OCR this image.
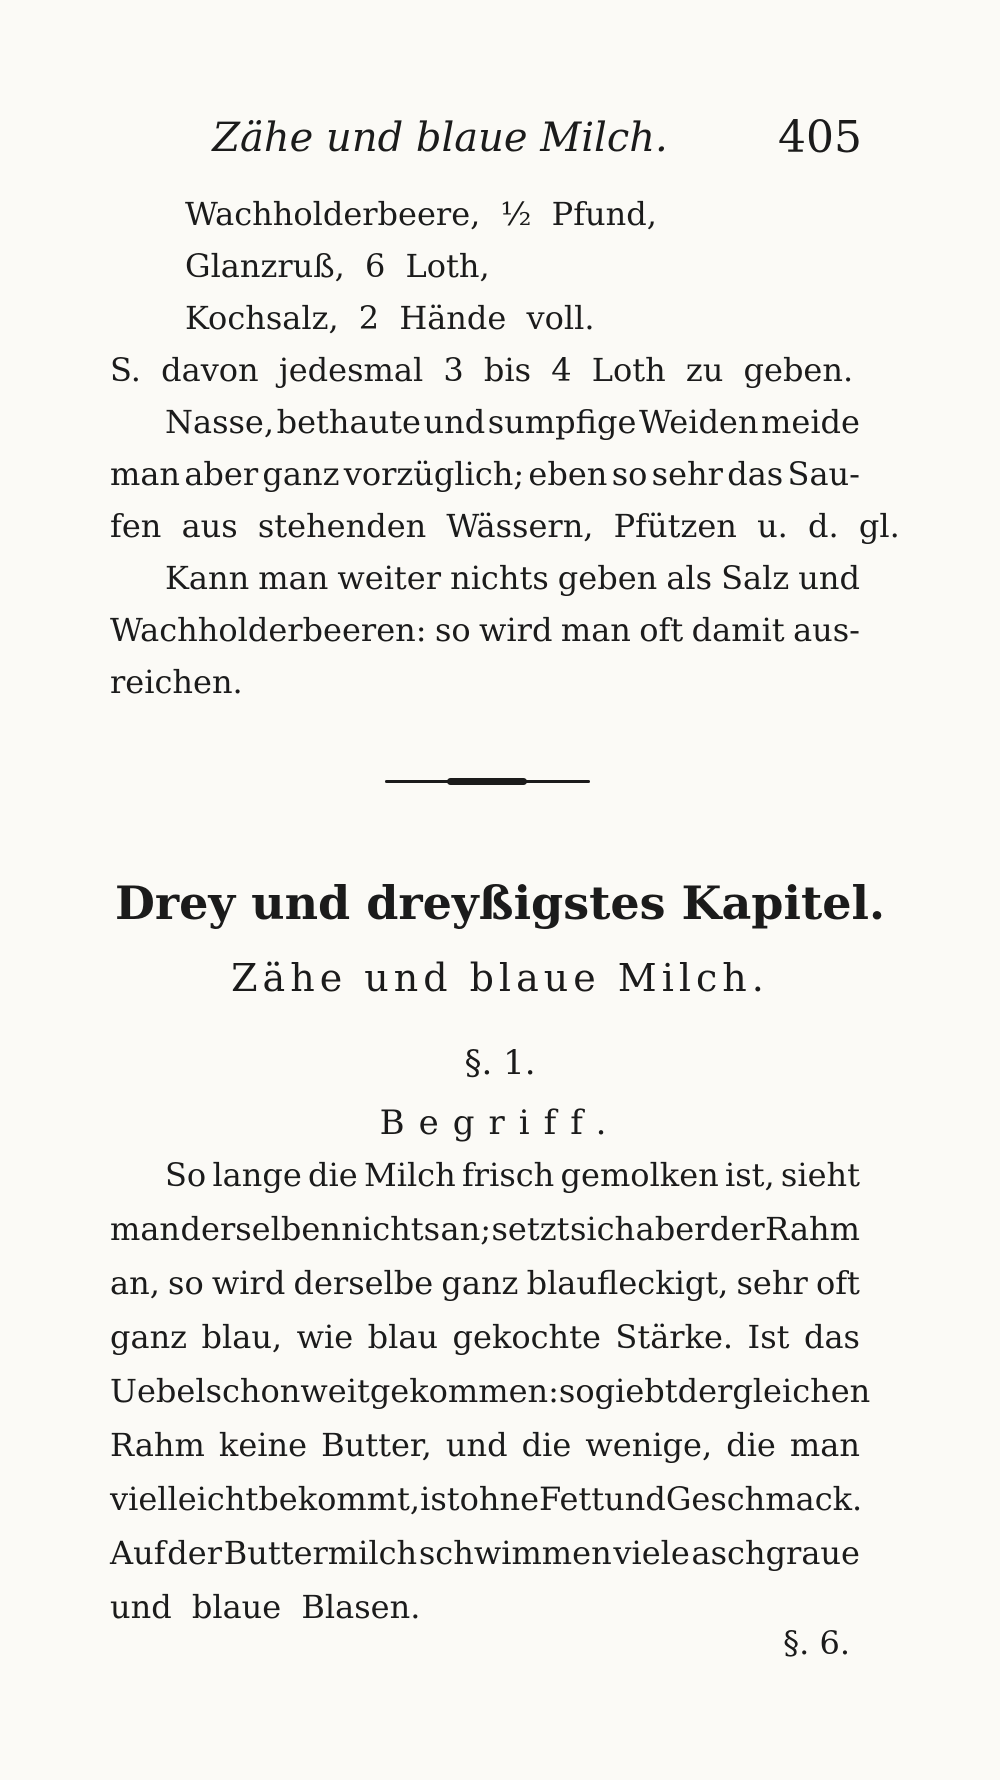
Zähe und blaue Milch.	405
Wachholderbeere, ½ Pfund,
Glanzruß, 6 Loth,
Kochsalz, 2 Hände voll.
S. davon jedesmal 3 bis 4 Loth zu geben.
Nasse, bethaute und sumpfige Weiden meide
man aber ganz vorzüglich; eben so sehr das Sau-
fen aus stehenden Wässern, Pfützen u. d. gl.
Kann man weiter nichts geben als Salz und
Wachholderbeeren: so wird man oft damit aus-
reichen.
Drey und dreyßigstes Kapitel.
Zähe und blaue Milch.
§. 1.
Begriff.
So lange die Milch frisch gemolken ist, sieht
man derselben nichts an; setzt sich aber der Rahm
an, so wird derselbe ganz blaufleckigt, sehr oft
ganz blau, wie blau gekochte Stärke. Ist das
Uebel schon weit gekommen: so giebt dergleichen
Rahm keine Butter, und die wenige, die man
vielleicht bekommt, ist ohne Fett und Geschmack.
Auf der Buttermilch schwimmen viele aschgraue
und blaue Blasen.
§. 6.
